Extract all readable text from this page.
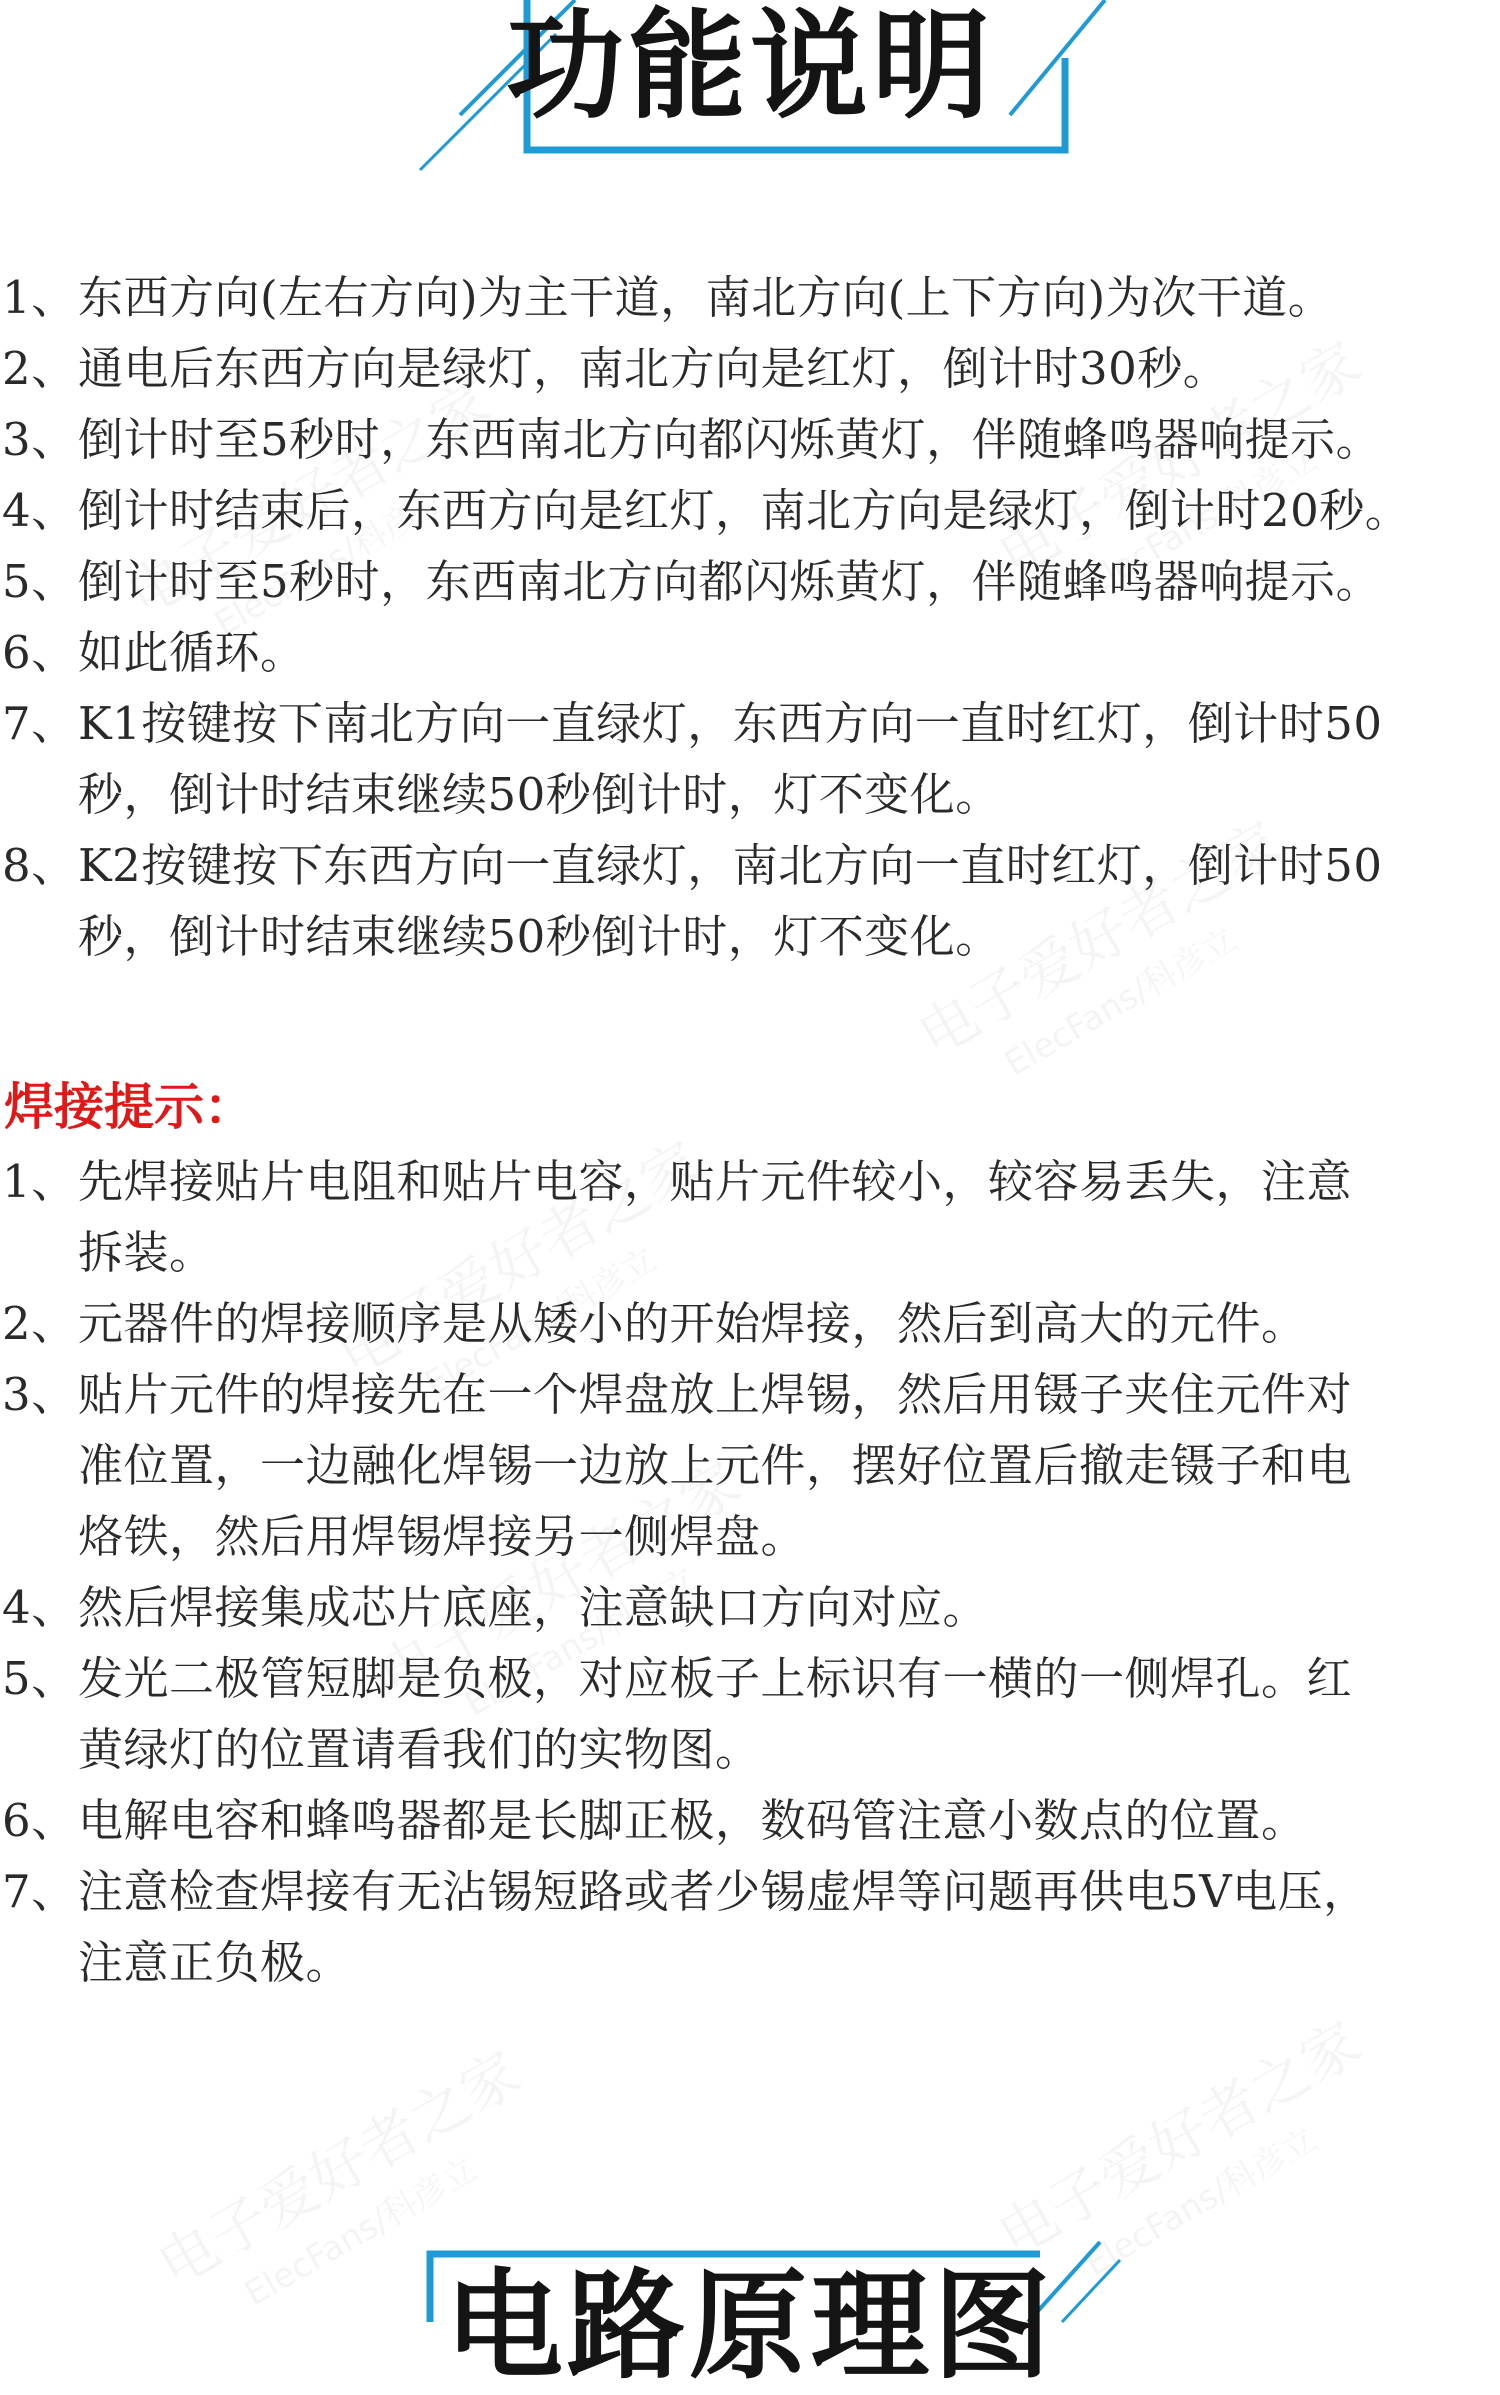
功能说明
1、 东西方向(左右方向)为主干道，南北方向(上下方向)为次干道。
2、 通电后东西方向是绿灯，南北方向是红灯，倒计时30秒。
3、 倒计时至5秒时，东西南北方向都闪烁黄灯，伴随蜂鸣器响提示。
4、 倒计时结束后，东西方向是红灯，南北方向是绿灯，倒计时20秒。
5、 倒计时至5秒时，东西南北方向都闪烁黄灯，伴随蜂鸣器响提示。
6、 如此循环。
7、 K1按键按下南北方向一直绿灯，东西方向一直时红灯，倒计时50
秒，倒计时结束继续50秒倒计时，灯不变化。
8、 K2按键按下东西方向一直绿灯，南北方向一直时红灯，倒计时50
秒，倒计时结束继续50秒倒计时，灯不变化。
焊接提示：
1、 先焊接贴片电阻和贴片电容，贴片元件较小，较容易丢失，注意
拆装。
2、 元器件的焊接顺序是从矮小的开始焊接，然后到高大的元件。
3、 贴片元件的焊接先在一个焊盘放上焊锡，然后用镊子夹住元件对
准位置，一边融化焊锡一边放上元件，摆好位置后撤走镊子和电
烙铁，然后用焊锡焊接另一侧焊盘。
4、 然后焊接集成芯片底座，注意缺口方向对应。
5、 发光二极管短脚是负极，对应板子上标识有一横的一侧焊孔。红
黄绿灯的位置请看我们的实物图。
6、 电解电容和蜂鸣器都是长脚正极，数码管注意小数点的位置。
7、 注意检查焊接有无沾锡短路或者少锡虚焊等问题再供电5V电压，
注意正负极。
电路原理图
